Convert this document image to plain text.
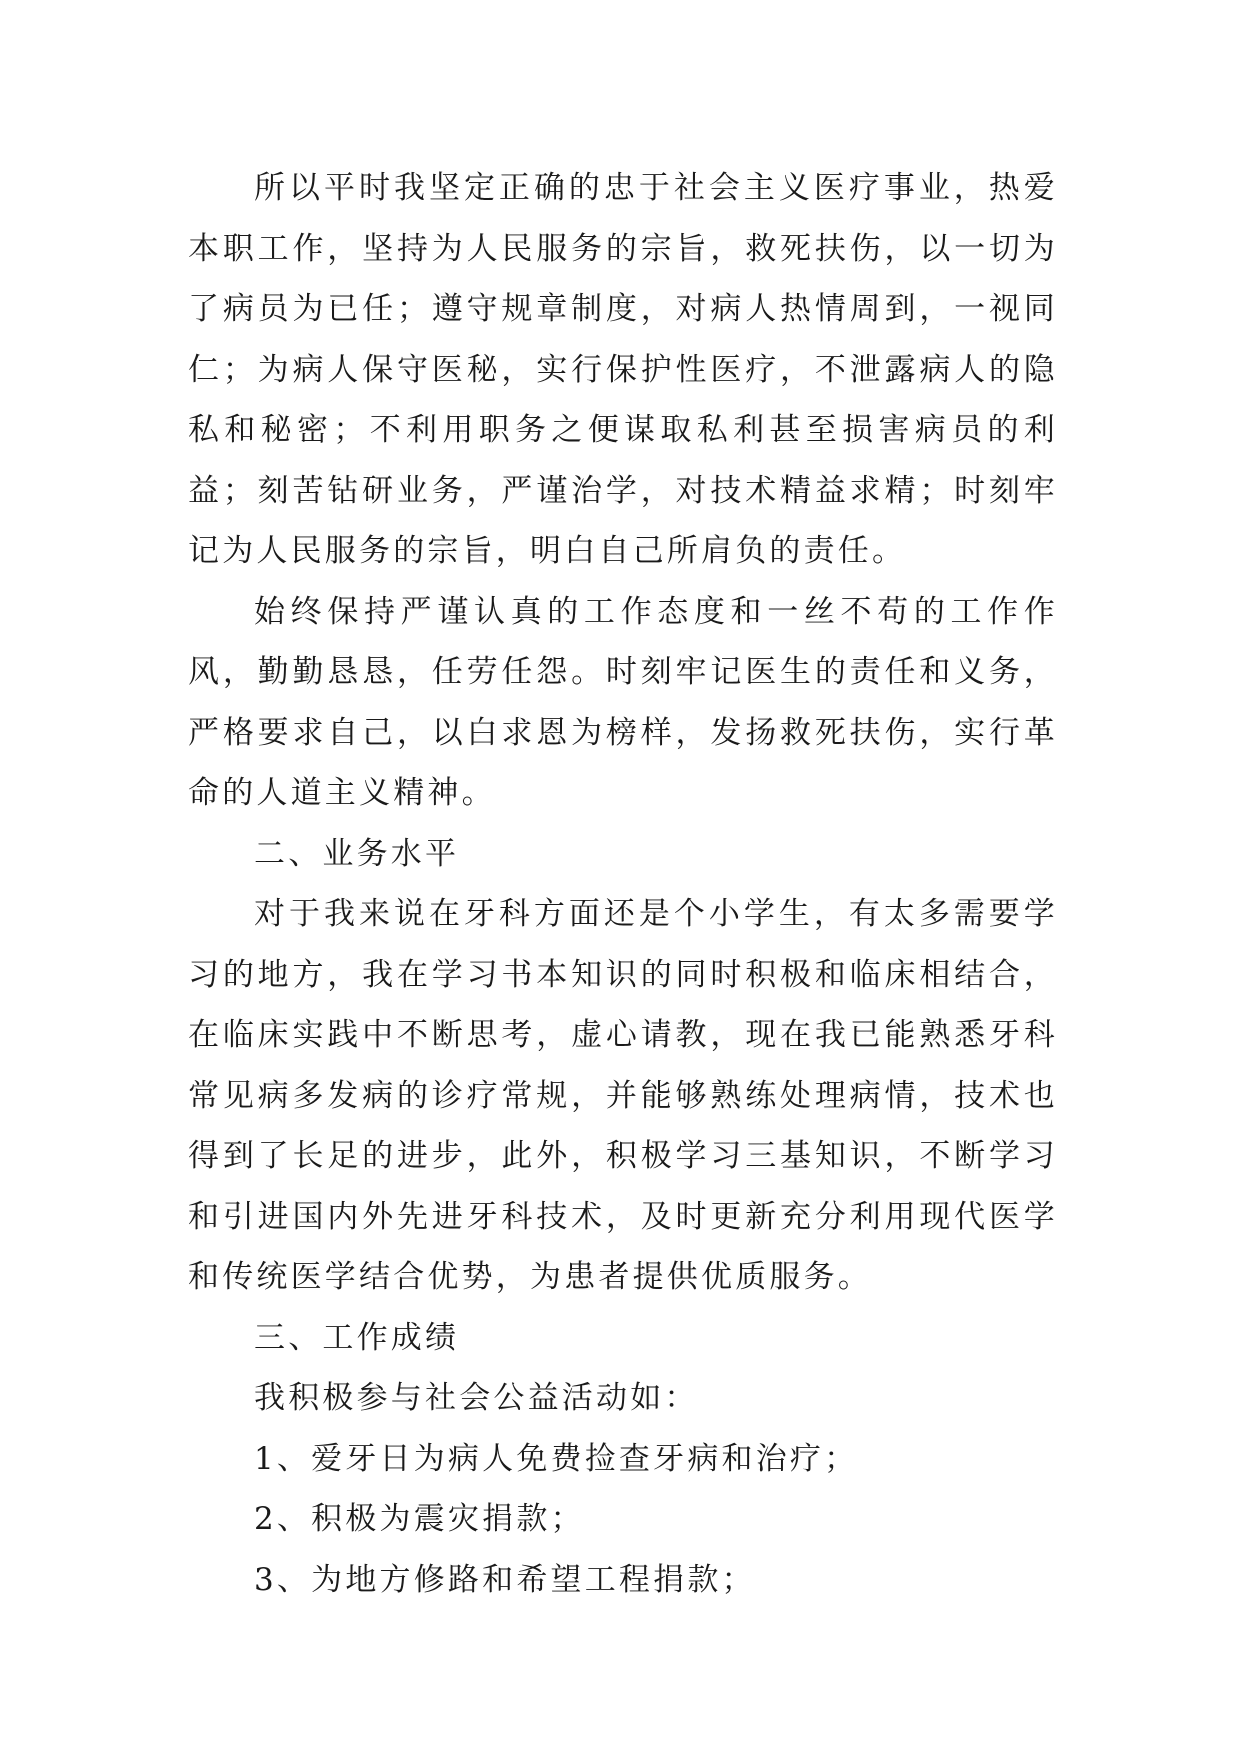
所以平时我坚定正确的忠于社会主义医疗事业，热爱本职工作，坚持为人民服务的宗旨，救死扶伤，以一切为了病员为已任；遵守规章制度，对病人热情周到，一视同仁；为病人保守医秘，实行保护性医疗，不泄露病人的隐私和秘密；不利用职务之便谋取私利甚至损害病员的利益；刻苦钻研业务，严谨治学，对技术精益求精；时刻牢记为人民服务的宗旨，明白自己所肩负的责任。

始终保持严谨认真的工作态度和一丝不苟的工作作风，勤勤恳恳，任劳任怨。时刻牢记医生的责任和义务，严格要求自己，以白求恩为榜样，发扬救死扶伤，实行革命的人道主义精神。

二、业务水平

对于我来说在牙科方面还是个小学生，有太多需要学习的地方，我在学习书本知识的同时积极和临床相结合，在临床实践中不断思考，虚心请教，现在我已能熟悉牙科常见病多发病的诊疗常规，并能够熟练处理病情，技术也得到了长足的进步，此外，积极学习三基知识，不断学习和引进国内外先进牙科技术，及时更新充分利用现代医学和传统医学结合优势，为患者提供优质服务。

三、工作成绩

我积极参与社会公益活动如：

1、爱牙日为病人免费捡查牙病和治疗；

2、积极为震灾捐款；

3、为地方修路和希望工程捐款；
